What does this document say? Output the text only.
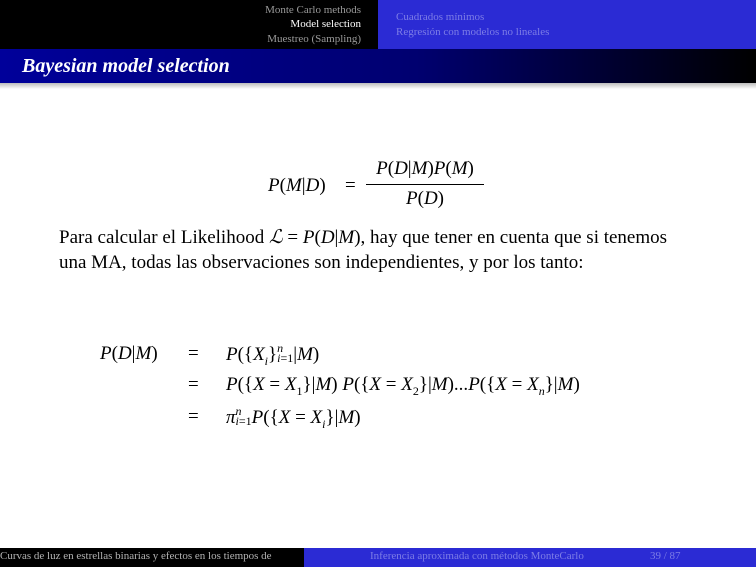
Monte Carlo methods
Model selection
Muestreo (Sampling)
Cuadrados mínimos
Regresión con modelos no lineales
Bayesian model selection
P(M|D) =
P(D|M)P(M)
P(D)
Para calcular el Likelihood ℒ = P(D|M), hay que tener en cuenta que si tenemos una MA, todas las observaciones son independientes, y por los tanto:
$P(D|M) = P(\{X_i\}n$
i=1|M)
= $P(\{X = X_1\}|M)$ $P(\{X = X_2\}|M)...P(\{X = X_n\}|M)$
= πn
$i=1P(\{X = X_i\}|M)$
Curvas de luz en estrellas binarias y efectos en los tiempos de	Inferencia aproximada con métodos MonteCarlo	39 / 87
